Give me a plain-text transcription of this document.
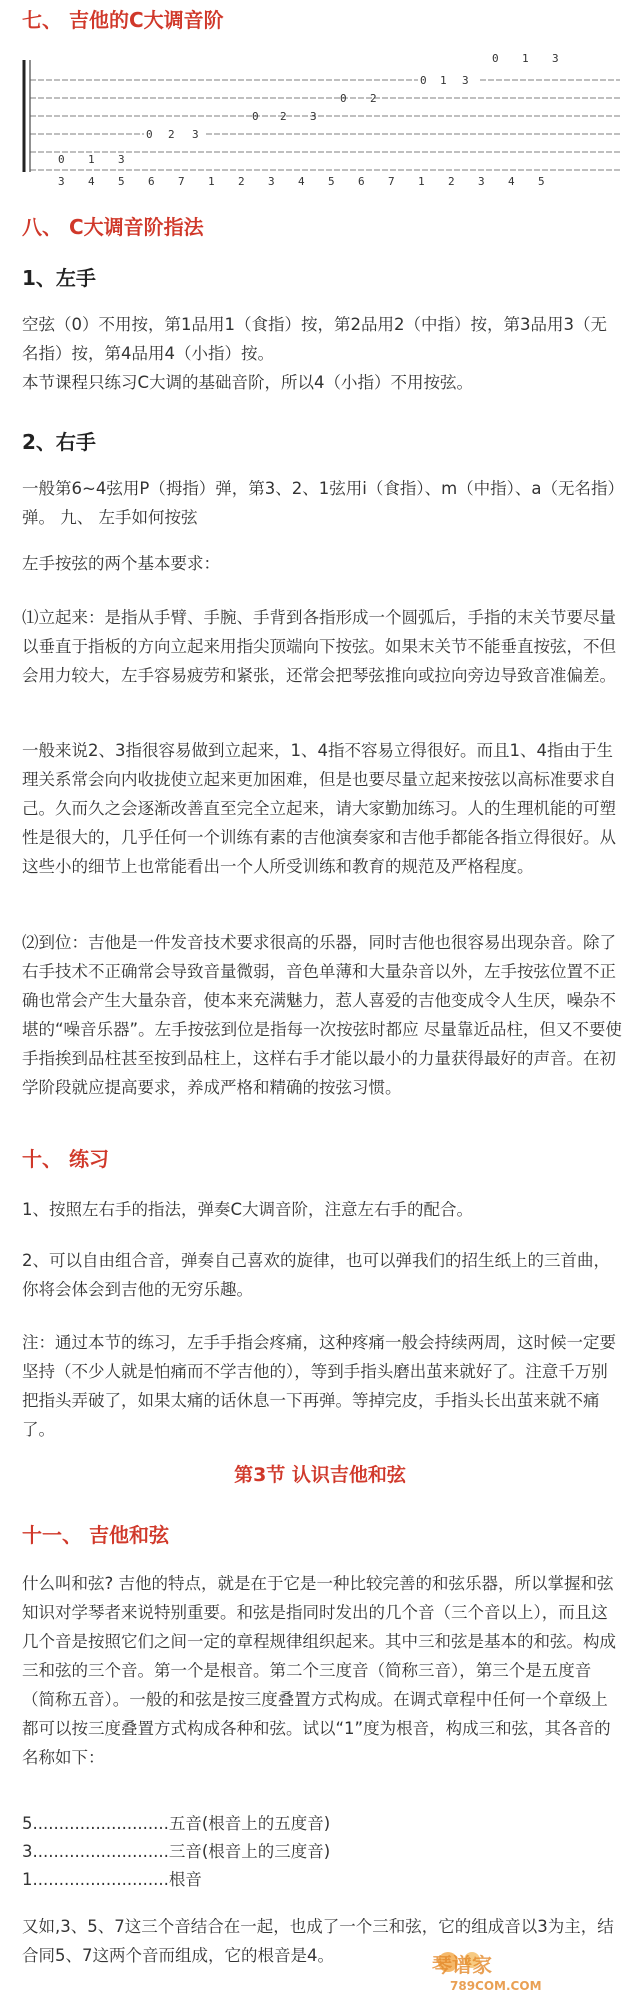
七、 吉他的C大调音阶
0 1 3
0 1 3
0 2
0 2 3
0 2 3
0 1 3
3 4 5 6 7 1 2 3 4 5 6 7 1 2 3 4 5
八、 C大调音阶指法
1、左手

空弦（0）不用按，第1品用1（食指）按，第2品用2（中指）按，第3品用3（无名指）按，第4品用4（小指）按。

本节课程只练习C大调的基础音阶，所以4（小指）不用按弦。

2、右手

一般第6~4弦用P（拇指）弹，第3、2、1弦用i（食指）、m（中指）、a（无名指）弹。 九、 左手如何按弦

左手按弦的两个基本要求：

⑴立起来：是指从手臂、手腕、手背到各指形成一个圆弧后，手指的末关节要尽量以垂直于指板的方向立起来用指尖顶端向下按弦。如果末关节不能垂直按弦，不但会用力较大，左手容易疲劳和紧张，还常会把琴弦推向或拉向旁边导致音准偏差。

一般来说2、3指很容易做到立起来，1、4指不容易立得很好。而且1、4指由于生理关系常会向内收拢使立起来更加困难，但是也要尽量立起来按弦以高标准要求自己。久而久之会逐渐改善直至完全立起来，请大家勤加练习。人的生理机能的可塑性是很大的，几乎任何一个训练有素的吉他演奏家和吉他手都能各指立得很好。从这些小的细节上也常能看出一个人所受训练和教育的规范及严格程度。

⑵到位：吉他是一件发音技术要求很高的乐器，同时吉他也很容易出现杂音。除了右手技术不正确常会导致音量微弱，音色单薄和大量杂音以外，左手按弦位置不正确也常会产生大量杂音，使本来充满魅力，惹人喜爱的吉他变成令人生厌，噪杂不堪的“噪音乐器”。左手按弦到位是指每一次按弦时都应 尽量靠近品柱，但又不要使手指挨到品柱甚至按到品柱上，这样右手才能以最小的力量获得最好的声音。在初学阶段就应提高要求，养成严格和精确的按弦习惯。

十、 练习

1、按照左右手的指法，弹奏C大调音阶，注意左右手的配合。

2、可以自由组合音，弹奏自己喜欢的旋律，也可以弹我们的招生纸上的三首曲，你将会体会到吉他的无穷乐趣。

注：通过本节的练习，左手手指会疼痛，这种疼痛一般会持续两周，这时候一定要坚持（不少人就是怕痛而不学吉他的），等到手指头磨出茧来就好了。注意千万别把指头弄破了，如果太痛的话休息一下再弹。等掉完皮，手指头长出茧来就不痛了。

第3节 认识吉他和弦
十一、 吉他和弦

什么叫和弦? 吉他的特点，就是在于它是一种比较完善的和弦乐器，所以掌握和弦知识对学琴者来说特别重要。和弦是指同时发出的几个音（三个音以上），而且这几个音是按照它们之间一定的章程规律组织起来。其中三和弦是基本的和弦。构成三和弦的三个音。第一个是根音。第二个三度音（简称三音），第三个是五度音（简称五音）。一般的和弦是按三度叠置方式构成。在调式章程中任何一个章级上都可以按三度叠置方式构成各种和弦。试以“1”度为根音，构成三和弦，其各音的名称如下：

5..........................五音(根音上的五度音)
3..........................三音(根音上的三度音)
1..........................根音

又如,3、5、7这三个音结合在一起，也成了一个三和弦，它的组成音以3为主，结合同5、7这两个音而组成，它的根音是4。	琴谱家
789COM.COM
